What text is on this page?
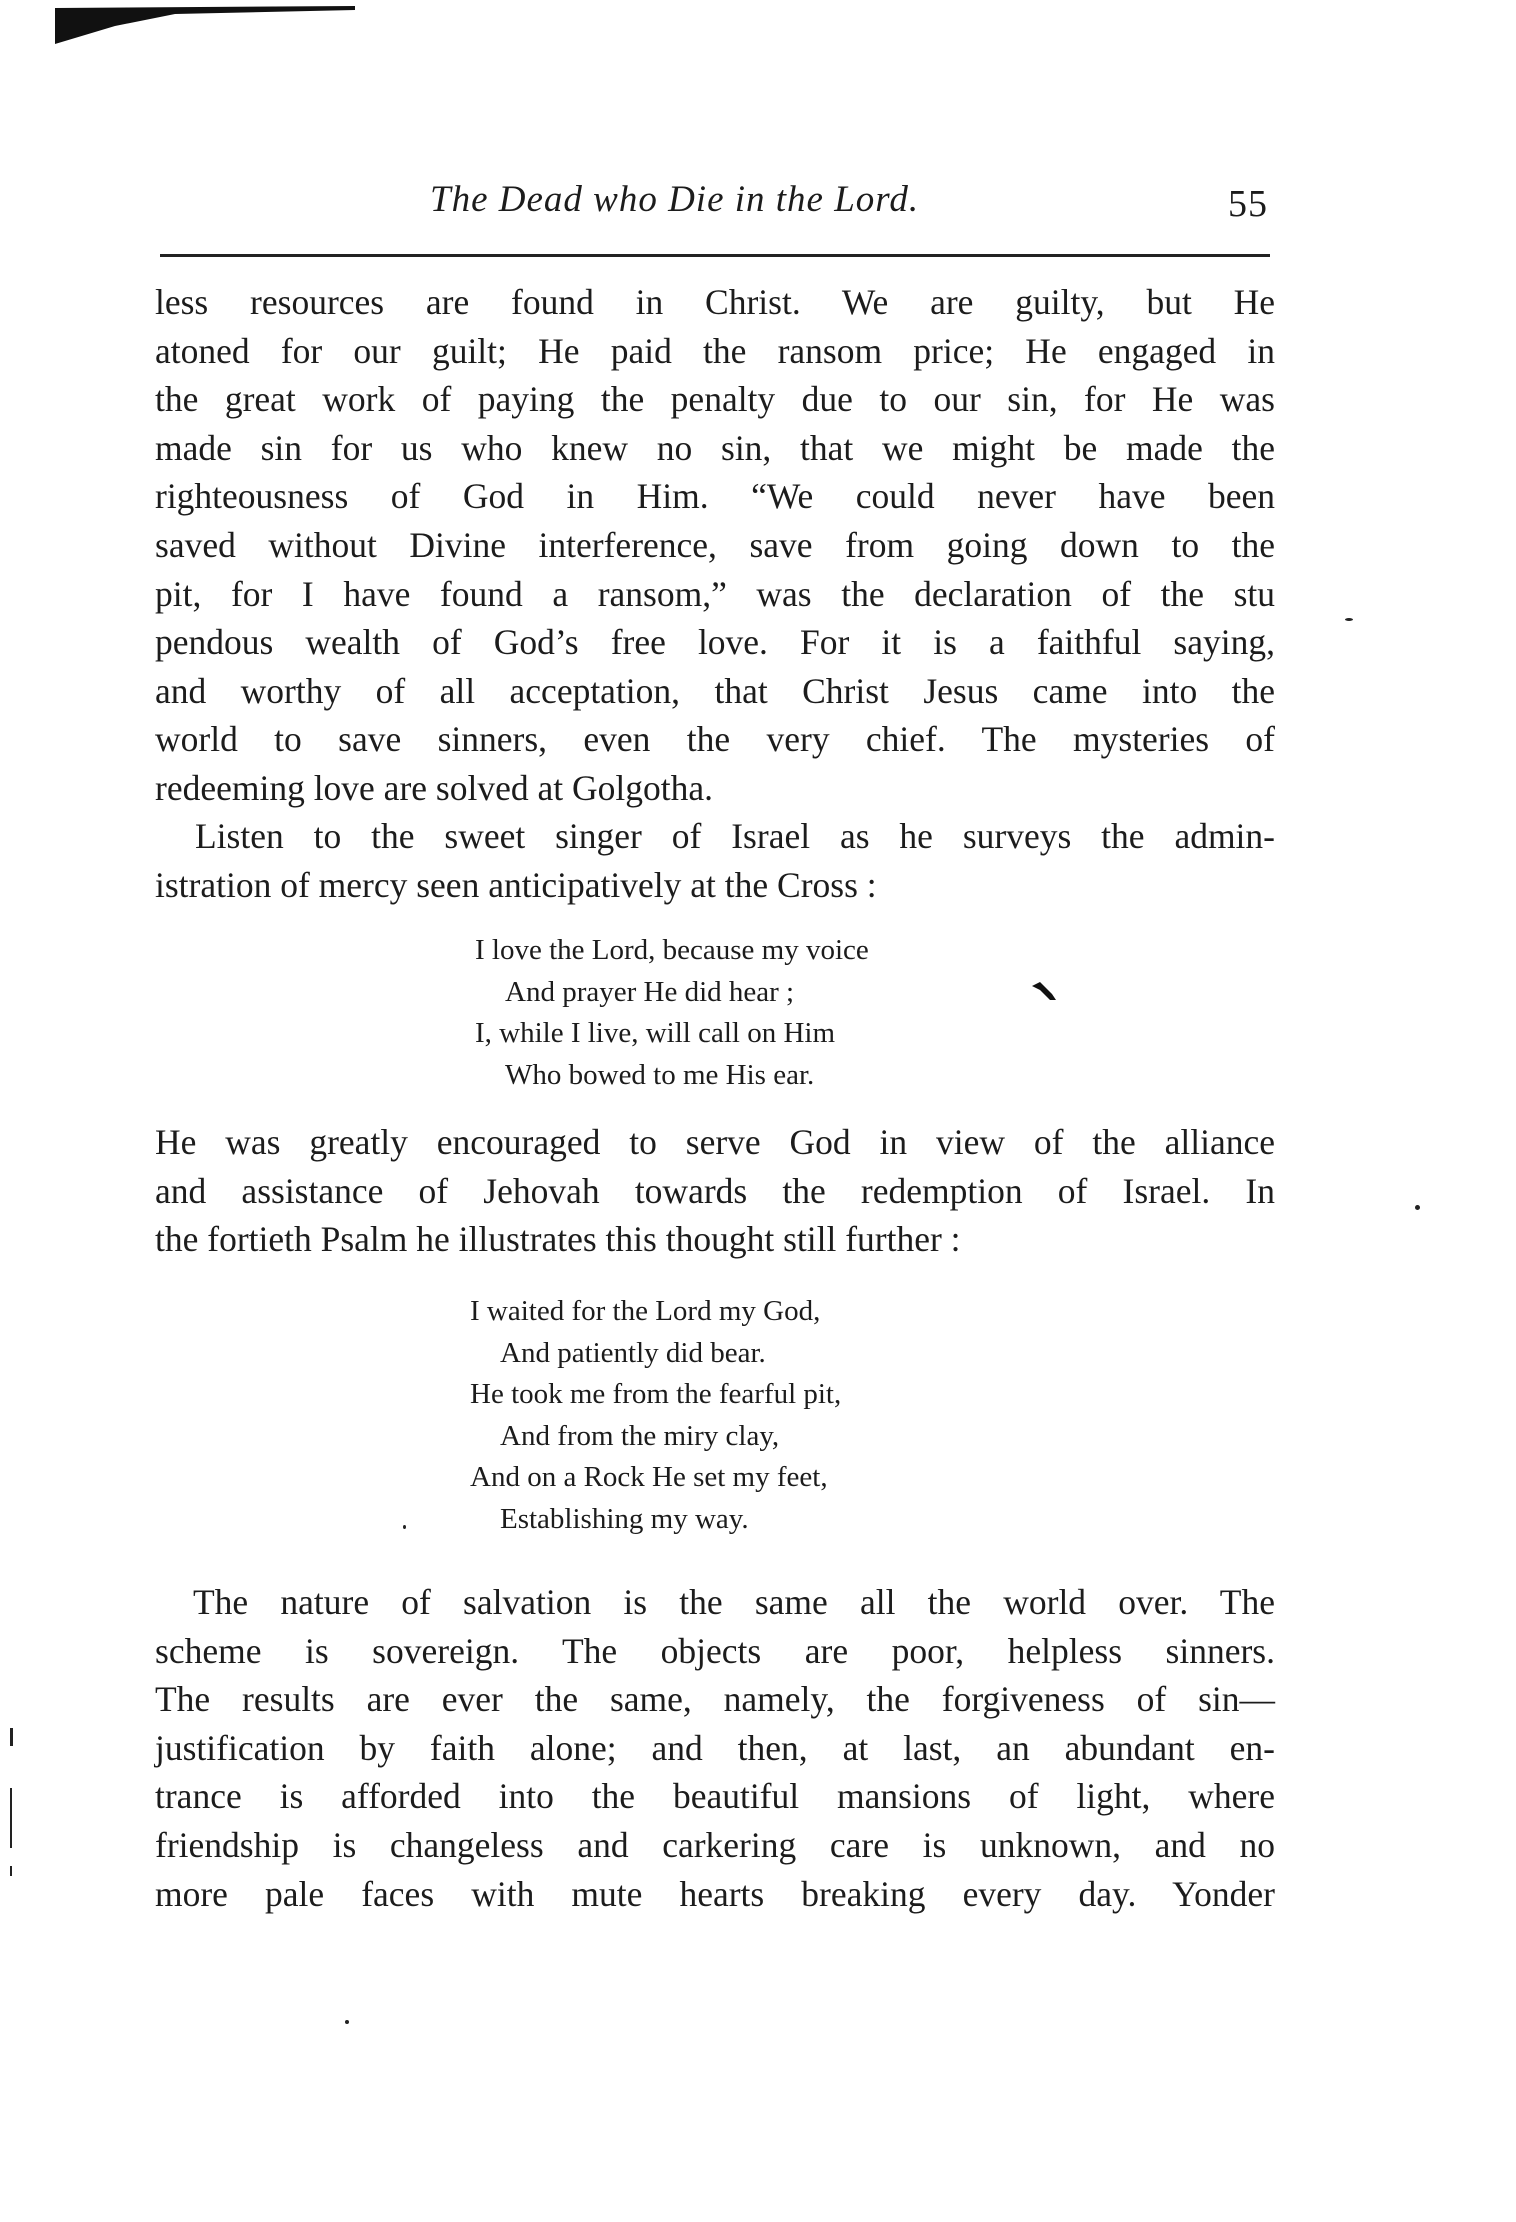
The Dead who Die in the Lord.	55

less resources are found in Christ. We are guilty, but He
atoned for our guilt; He paid the ransom price; He engaged in
the great work of paying the penalty due to our sin, for He was
made sin for us who knew no sin, that we might be made the
righteousness of God in Him. “We could never have been
saved without Divine interference, save from going down to the
pit, for I have found a ransom,” was the declaration of the stu
pendous wealth of God’s free love. For it is a faithful saying,
and worthy of all acceptation, that Christ Jesus came into the
world to save sinners, even the very chief. The mysteries of
redeeming love are solved at Golgotha.

Listen to the sweet singer of Israel as he surveys the admin-
istration of mercy seen anticipatively at the Cross :

I love the Lord, because my voice
And prayer He did hear ;
I, while I live, will call on Him
Who bowed to me His ear.

He was greatly encouraged to serve God in view of the alliance
and assistance of Jehovah towards the redemption of Israel. In
the fortieth Psalm he illustrates this thought still further :

I waited for the Lord my God,
And patiently did bear.
He took me from the fearful pit,
And from the miry clay,
And on a Rock He set my feet,
Establishing my way.

The nature of salvation is the same all the world over. The
scheme is sovereign. The objects are poor, helpless sinners.
The results are ever the same, namely, the forgiveness of sin—
justification by faith alone; and then, at last, an abundant en-
trance is afforded into the beautiful mansions of light, where
friendship is changeless and carkering care is unknown, and no
more pale faces with mute hearts breaking every day. Yonder
